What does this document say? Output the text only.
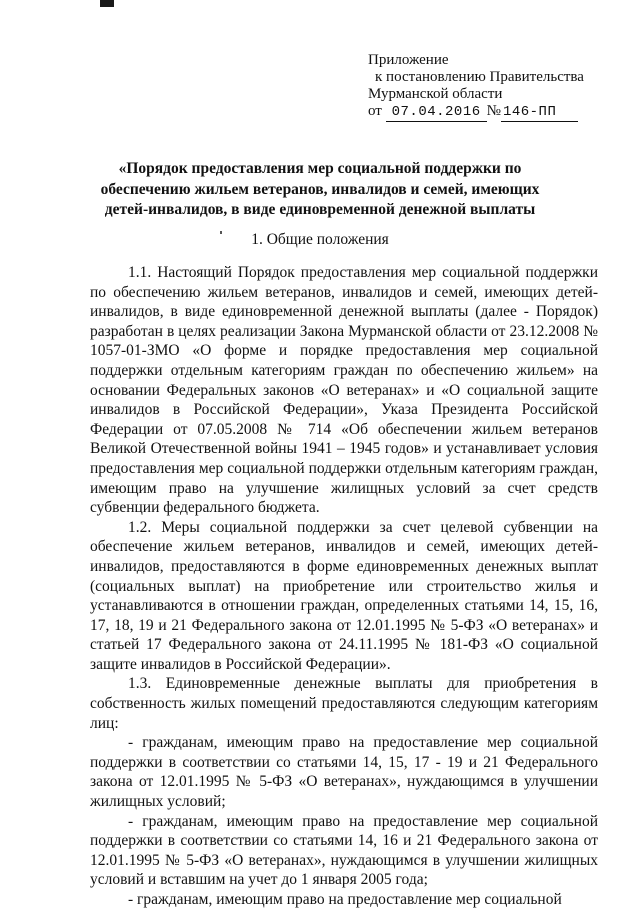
Приложение
к постановлению Правительства
Мурманской области
от 07.04.2016 № 146-ПП
«Порядок предоставления мер социальной поддержки по обеспечению жильем ветеранов, инвалидов и семей, имеющих детей-инвалидов, в виде единовременной денежной выплаты
1. Общие положения

1.1. Настоящий Порядок предоставления мер социальной поддержки по обеспечению жильем ветеранов, инвалидов и семей, имеющих детей-инвалидов, в виде единовременной денежной выплаты (далее - Порядок) разработан в целях реализации Закона Мурманской области от 23.12.2008 № 1057-01-ЗМО «О форме и порядке предоставления мер социальной поддержки отдельным категориям граждан по обеспечению жильем» на основании Федеральных законов «О ветеранах» и «О социальной защите инвалидов в Российской Федерации», Указа Президента Российской Федерации от 07.05.2008 № 714 «Об обеспечении жильем ветеранов Великой Отечественной войны 1941 – 1945 годов» и устанавливает условия предоставления мер социальной поддержки отдельным категориям граждан, имеющим право на улучшение жилищных условий за счет средств субвенции федерального бюджета.

1.2. Меры социальной поддержки за счет целевой субвенции на обеспечение жильем ветеранов, инвалидов и семей, имеющих детей-инвалидов, предоставляются в форме единовременных денежных выплат (социальных выплат) на приобретение или строительство жилья и устанавливаются в отношении граждан, определенных статьями 14, 15, 16, 17, 18, 19 и 21 Федерального закона от 12.01.1995 № 5-ФЗ «О ветеранах» и статьей 17 Федерального закона от 24.11.1995 № 181-ФЗ «О социальной защите инвалидов в Российской Федерации».

1.3. Единовременные денежные выплаты для приобретения в собственность жилых помещений предоставляются следующим категориям лиц:

- гражданам, имеющим право на предоставление мер социальной поддержки в соответствии со статьями 14, 15, 17 - 19 и 21 Федерального закона от 12.01.1995 № 5-ФЗ «О ветеранах», нуждающимся в улучшении жилищных условий;

- гражданам, имеющим право на предоставление мер социальной поддержки в соответствии со статьями 14, 16 и 21 Федерального закона от 12.01.1995 № 5-ФЗ «О ветеранах», нуждающимся в улучшении жилищных условий и вставшим на учет до 1 января 2005 года;

- гражданам, имеющим право на предоставление мер социальной
